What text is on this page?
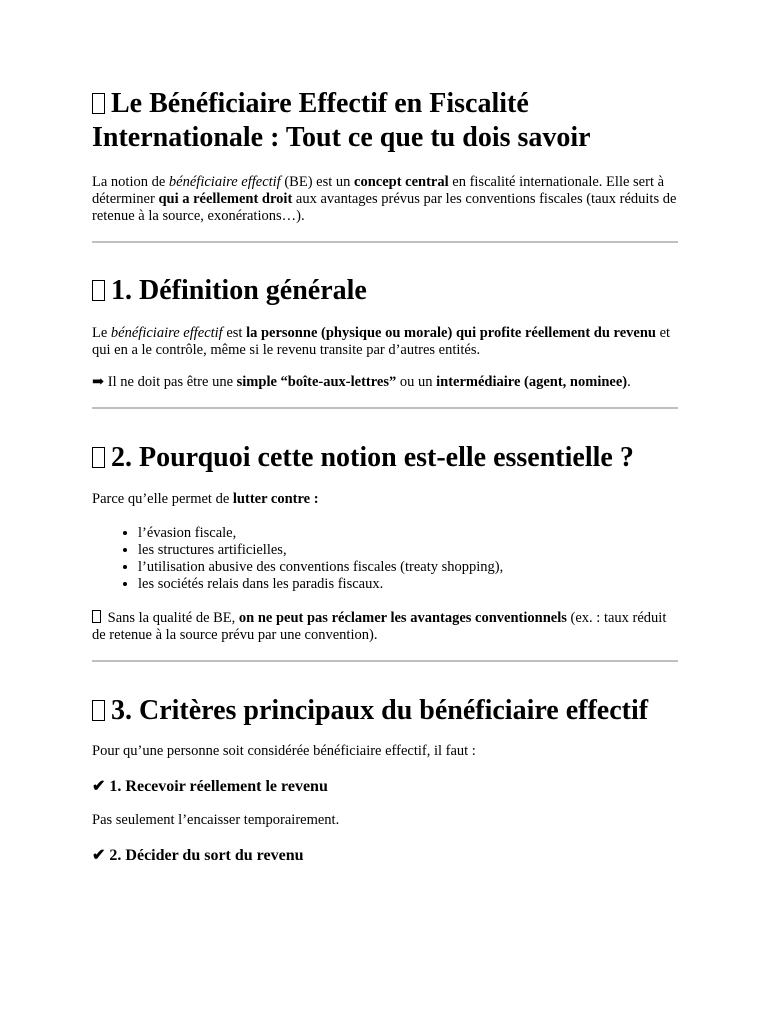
Le Bénéficiaire Effectif en Fiscalité Internationale : Tout ce que tu dois savoir

La notion de bénéficiaire effectif (BE) est un concept central en fiscalité internationale. Elle sert à déterminer qui a réellement droit aux avantages prévus par les conventions fiscales (taux réduits de retenue à la source, exonérations…).

1. Définition générale

Le bénéficiaire effectif est la personne (physique ou morale) qui profite réellement du revenu et qui en a le contrôle, même si le revenu transite par d’autres entités.

➡ Il ne doit pas être une simple “boîte-aux-lettres” ou un intermédiaire (agent, nominee).

2. Pourquoi cette notion est-elle essentielle ?

Parce qu’elle permet de lutter contre :

• l’évasion fiscale,
• les structures artificielles,
• l’utilisation abusive des conventions fiscales (treaty shopping),
• les sociétés relais dans les paradis fiscaux.

Sans la qualité de BE, on ne peut pas réclamer les avantages conventionnels (ex. : taux réduit de retenue à la source prévu par une convention).

3. Critères principaux du bénéficiaire effectif

Pour qu’une personne soit considérée bénéficiaire effectif, il faut :

✔ 1. Recevoir réellement le revenu

Pas seulement l’encaisser temporairement.

✔ 2. Décider du sort du revenu
